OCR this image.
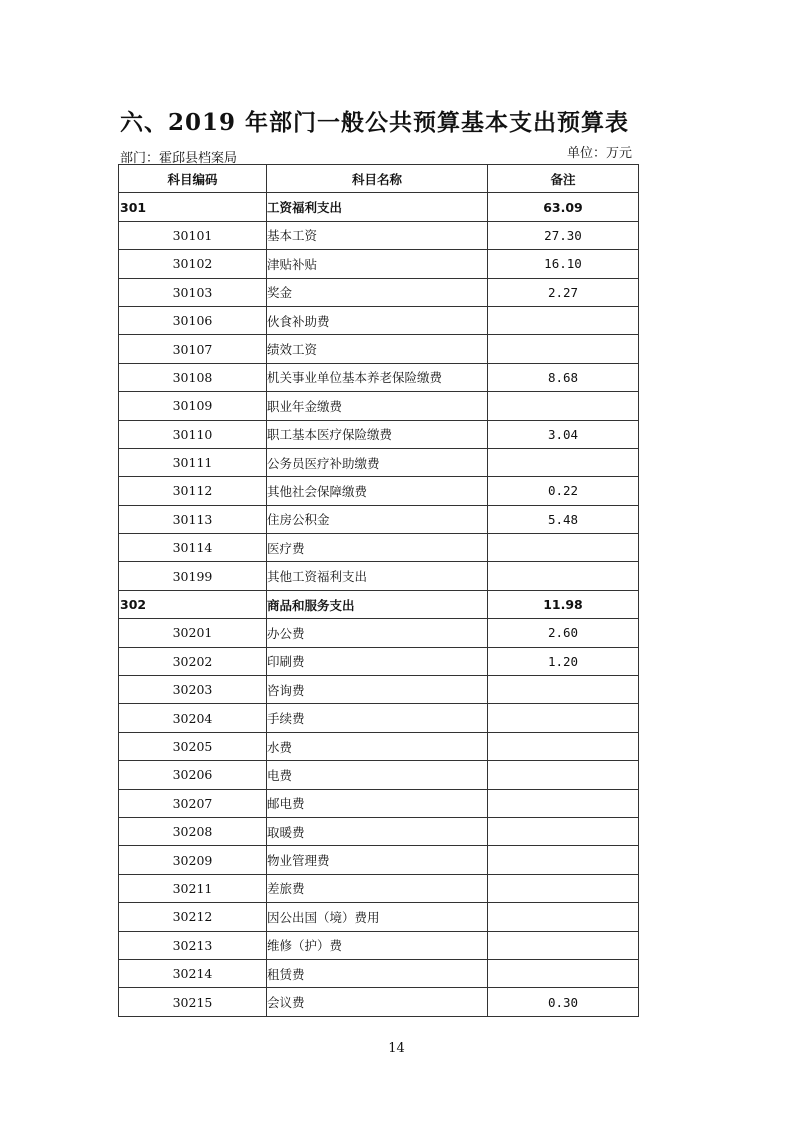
六、2019 年部门一般公共预算基本支出预算表
部门：霍邱县档案局	单位：万元
科目编码	科目名称	备注
301	工资福利支出	63.09
30101	基本工资	27.30
30102	津贴补贴	16.10
30103	奖金	2.27
30106	伙食补助费	
30107	绩效工资	
30108	机关事业单位基本养老保险缴费	8.68
30109	职业年金缴费	
30110	职工基本医疗保险缴费	3.04
30111	公务员医疗补助缴费	
30112	其他社会保障缴费	0.22
30113	住房公积金	5.48
30114	医疗费	
30199	其他工资福利支出	
302	商品和服务支出	11.98
30201	办公费	2.60
30202	印刷费	1.20
30203	咨询费	
30204	手续费	
30205	水费	
30206	电费	
30207	邮电费	
30208	取暖费	
30209	物业管理费	
30211	差旅费	
30212	因公出国（境）费用	
30213	维修（护）费	
30214	租赁费	
30215	会议费	0.30
14
